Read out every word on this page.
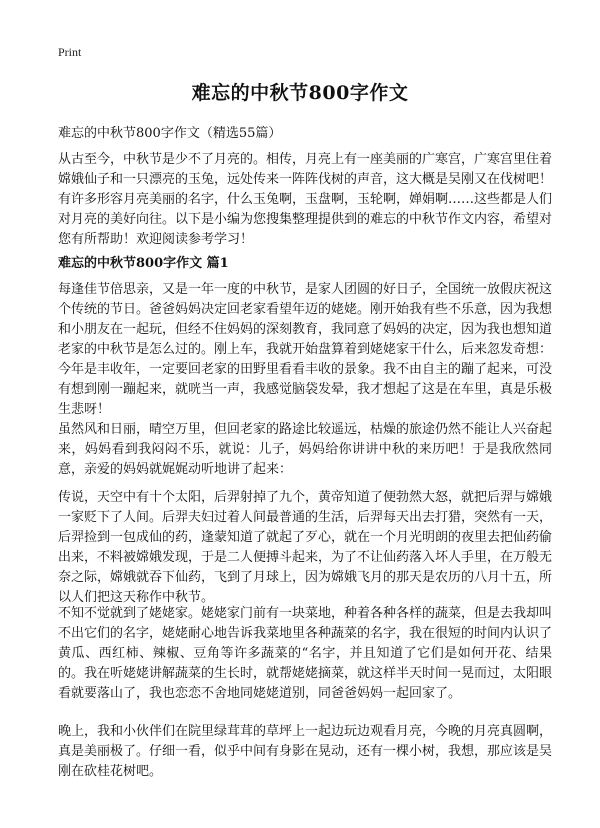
Print
难忘的中秋节800字作文

难忘的中秋节800字作文（精选55篇）

从古至今，中秋节是少不了月亮的。相传，月亮上有一座美丽的广寒宫，广寒宫里住着嫦娥仙子和一只漂亮的玉兔，远处传来一阵阵伐树的声音，这大概是吴刚又在伐树吧！有许多形容月亮美丽的名字，什么玉兔啊，玉盘啊，玉轮啊，婵娟啊……这些都是人们对月亮的美好向往。以下是小编为您搜集整理提供到的难忘的中秋节作文内容，希望对您有所帮助！欢迎阅读参考学习！

难忘的中秋节800字作文 篇1

每逢佳节倍思亲，又是一年一度的中秋节，是家人团圆的好日子，全国统一放假庆祝这个传统的节日。爸爸妈妈决定回老家看望年迈的姥姥。刚开始我有些不乐意，因为我想和小朋友在一起玩，但经不住妈妈的深刻教育，我同意了妈妈的决定，因为我也想知道老家的中秋节是怎么过的。刚上车，我就开始盘算着到姥姥家干什么，后来忽发奇想：今年是丰收年，一定要回老家的田野里看看丰收的景象。我不由自主的蹦了起来，可没有想到刚一蹦起来，就咣当一声，我感觉脑袋发晕，我才想起了这是在车里，真是乐极生悲呀！

虽然风和日丽，晴空万里，但回老家的路途比较遥远，枯燥的旅途仍然不能让人兴奋起来，妈妈看到我闷闷不乐，就说：儿子，妈妈给你讲讲中秋的来历吧！于是我欣然同意，亲爱的妈妈就娓娓动听地讲了起来：

传说，天空中有十个太阳，后羿射掉了九个，黄帝知道了便勃然大怒，就把后羿与嫦娥一家贬下了人间。后羿夫妇过着人间最普通的生活，后羿每天出去打猎，突然有一天，后羿捡到一包成仙的药，逢蒙知道了就起了歹心，就在一个月光明朗的夜里去把仙药偷出来，不料被嫦娥发现，于是二人便搏斗起来，为了不让仙药落入坏人手里，在万般无奈之际，嫦娥就吞下仙药，飞到了月球上，因为嫦娥飞月的那天是农历的八月十五，所以人们把这天称作中秋节。

不知不觉就到了姥姥家。姥姥家门前有一块菜地，种着各种各样的蔬菜，但是去我却叫不出它们的名字，姥姥耐心地告诉我菜地里各种蔬菜的名字，我在很短的时间内认识了黄瓜、西红柿、辣椒、豆角等许多蔬菜的“名字，并且知道了它们是如何开花、结果的。我在听姥姥讲解蔬菜的生长时，就帮姥姥摘菜，就这样半天时间一晃而过，太阳眼看就要落山了，我也恋恋不舍地同姥姥道别，同爸爸妈妈一起回家了。

晚上，我和小伙伴们在院里绿茸茸的草坪上一起边玩边观看月亮，今晚的月亮真圆啊，真是美丽极了。仔细一看，似乎中间有身影在晃动，还有一棵小树，我想，那应该是吴刚在砍桂花树吧。
